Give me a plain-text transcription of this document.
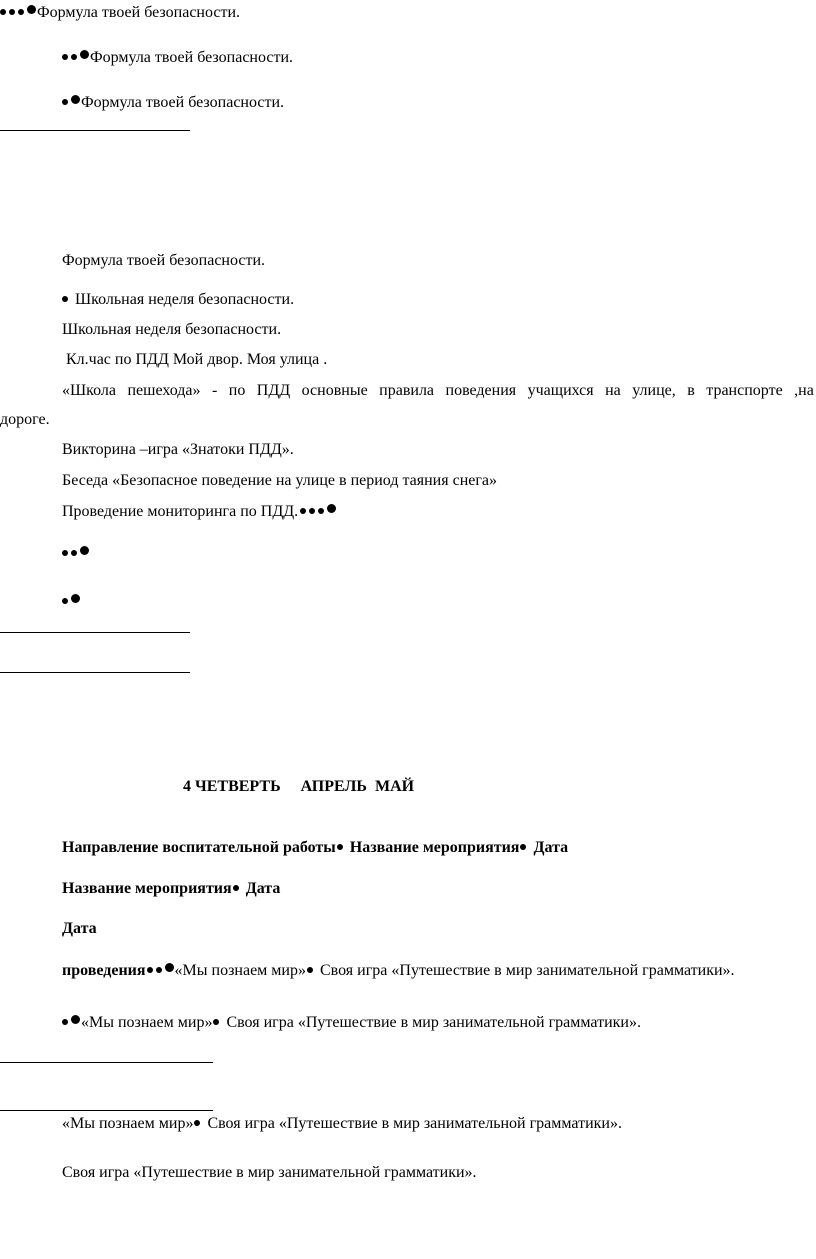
Формула твоей безопасности.
Формула твоей безопасности.
Формула твоей безопасности.
Формула твоей безопасности.
Школьная неделя безопасности.
Школьная неделя безопасности.
Кл.час по ПДД Мой двор. Моя улица .
«Школа пешехода» - по ПДД основные правила поведения учащихся на улице, в транспорте ,на
дороге.
Викторина –игра «Знатоки ПДД».
Беседа «Безопасное поведение на улице в период таяния снега»
Проведение мониторинга по ПДД.

4 ЧЕТВЕРТЬ     АПРЕЛЬ  МАЙ

Направление воспитательной работы Название мероприятия Дата
Название мероприятия Дата
Дата
проведения «Мы познаем мир» Своя игра «Путешествие в мир занимательной грамматики».
«Мы познаем мир» Своя игра «Путешествие в мир занимательной грамматики».
«Мы познаем мир» Своя игра «Путешествие в мир занимательной грамматики».
Своя игра «Путешествие в мир занимательной грамматики».
